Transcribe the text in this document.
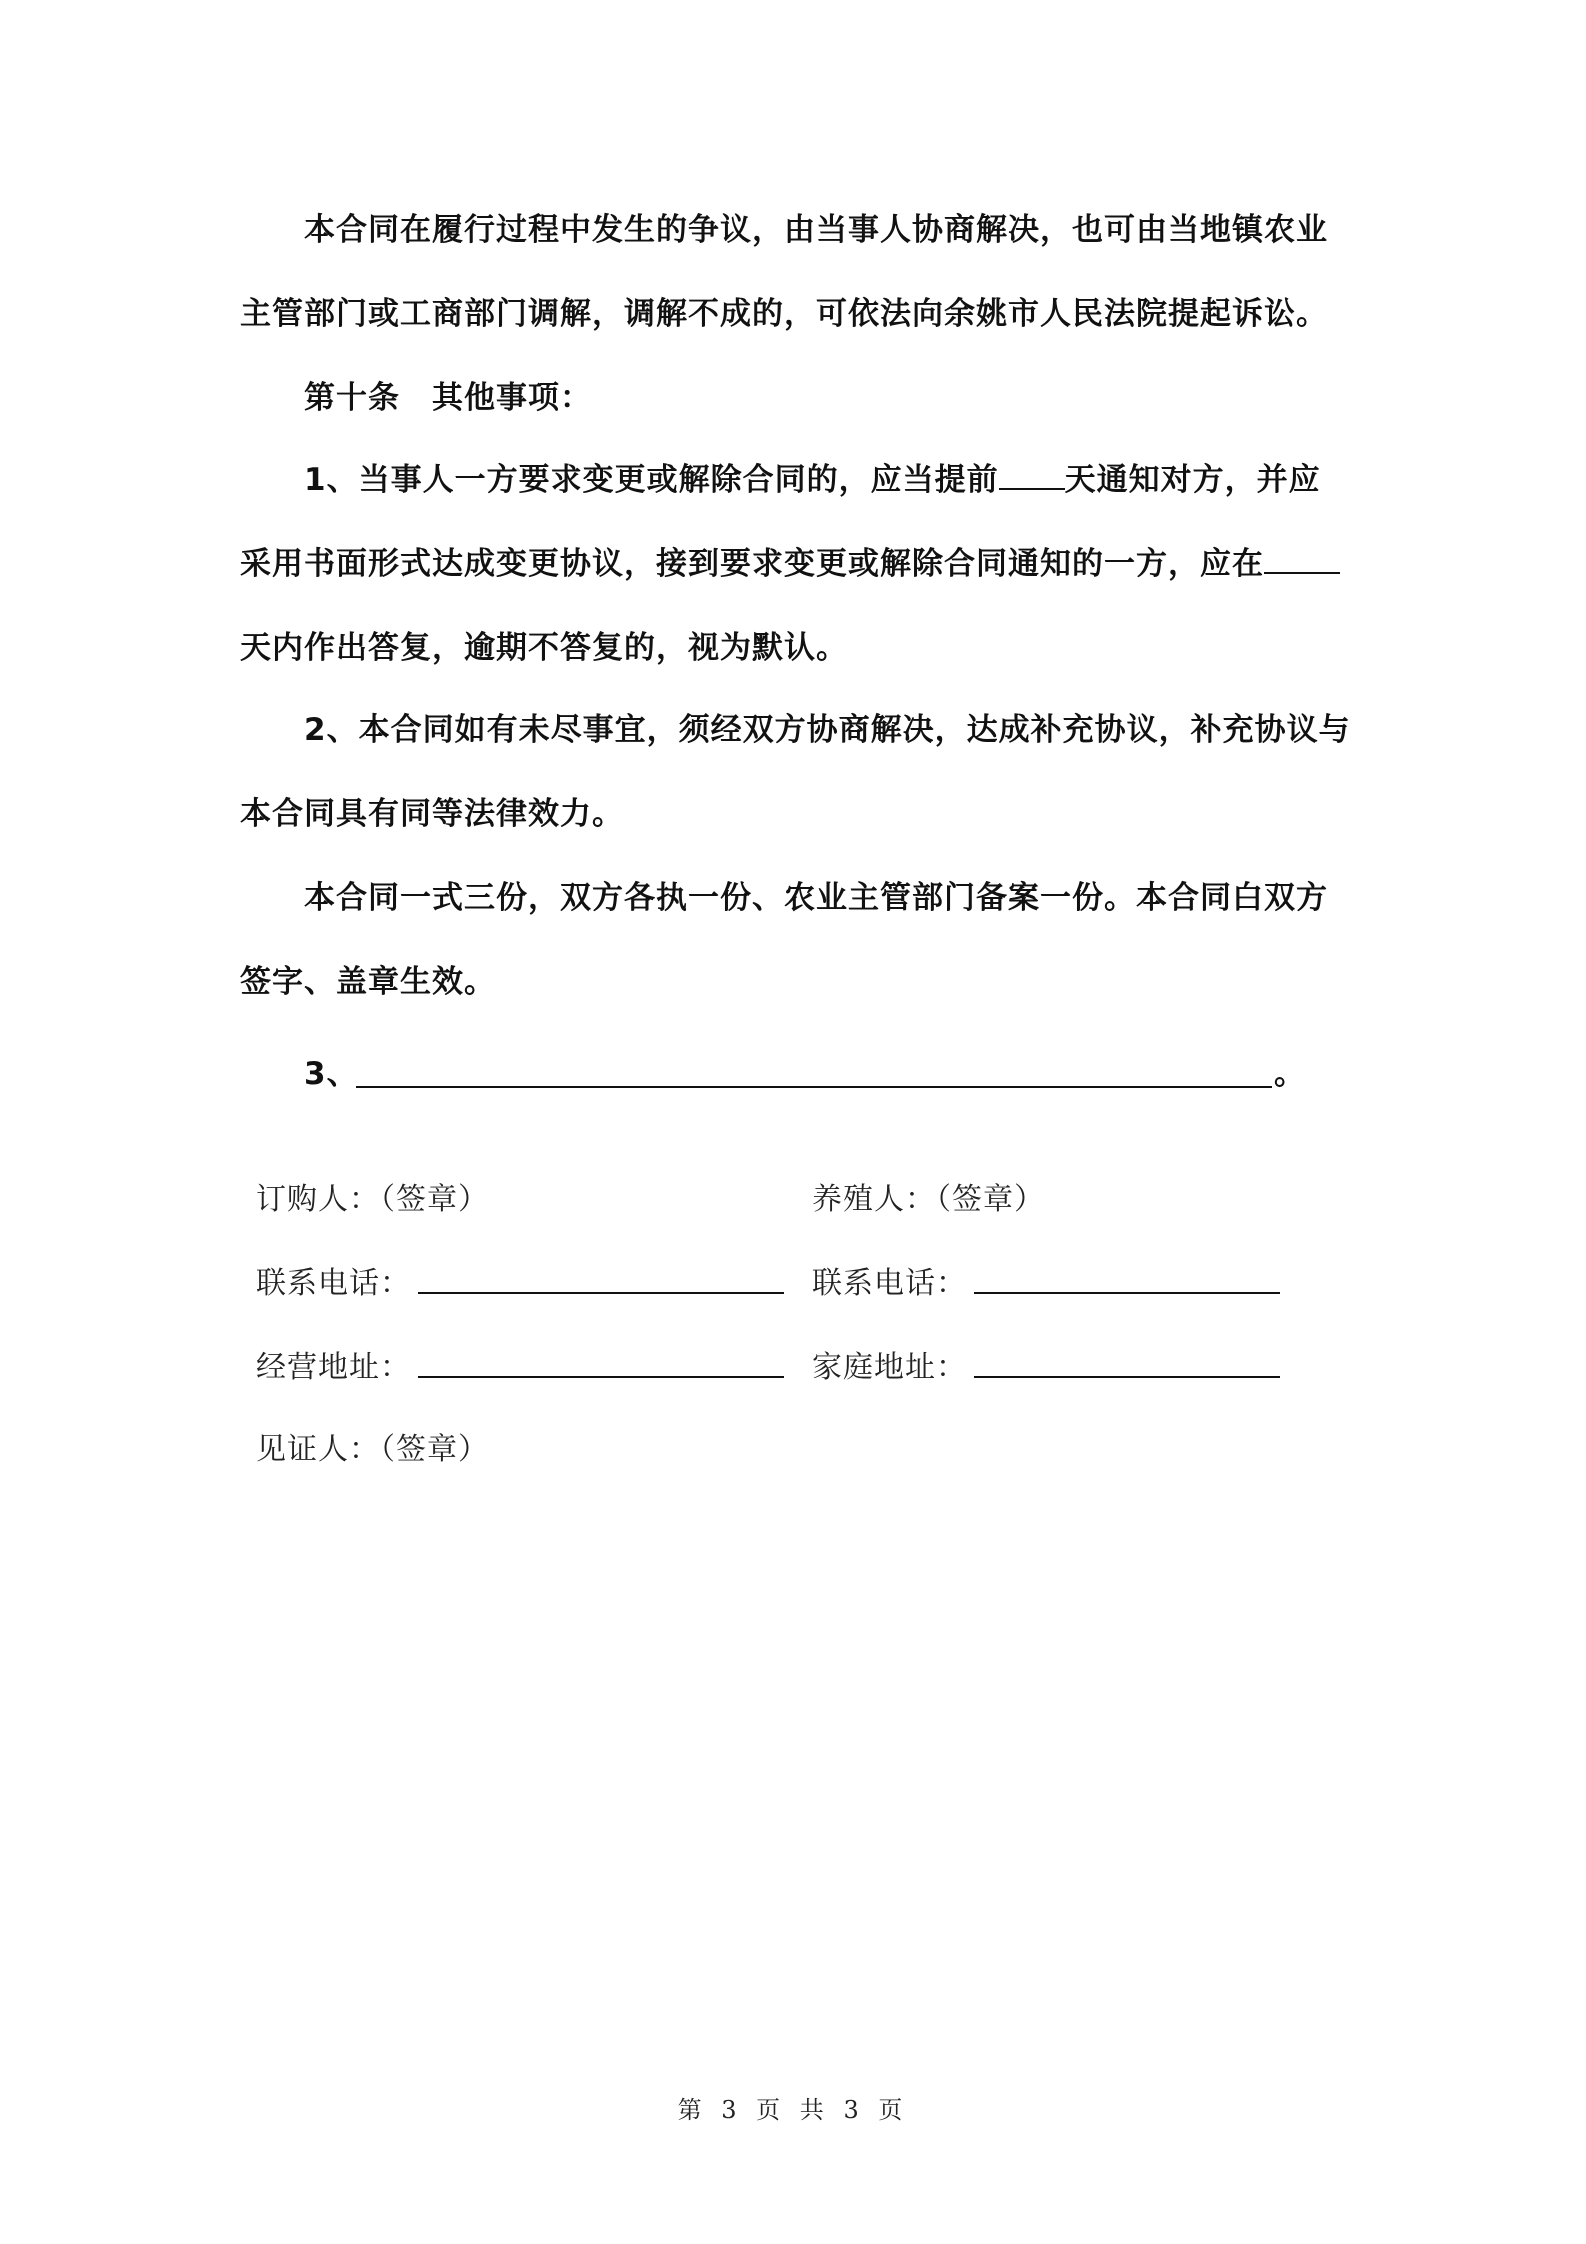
本合同在履行过程中发生的争议，由当事人协商解决，也可由当地镇农业主管部门或工商部门调解，调解不成的，可依法向余姚市人民法院提起诉讼。

第十条　其他事项：

1、当事人一方要求变更或解除合同的，应当提前 天通知对方，并应采用书面形式达成变更协议，接到要求变更或解除合同通知的一方，应在天内作出答复，逾期不答复的，视为默认。

2、本合同如有未尽事宜，须经双方协商解决，达成补充协议，补充协议与本合同具有同等法律效力。

本合同一式三份，双方各执一份、农业主管部门备案一份。本合同白双方签字、盖章生效。

3、	。
订购人：（签章）	养殖人：（签章）
联系电话：	联系电话：
经营地址：	家庭地址：
见证人：（签章）
第 3 页 共 3 页
